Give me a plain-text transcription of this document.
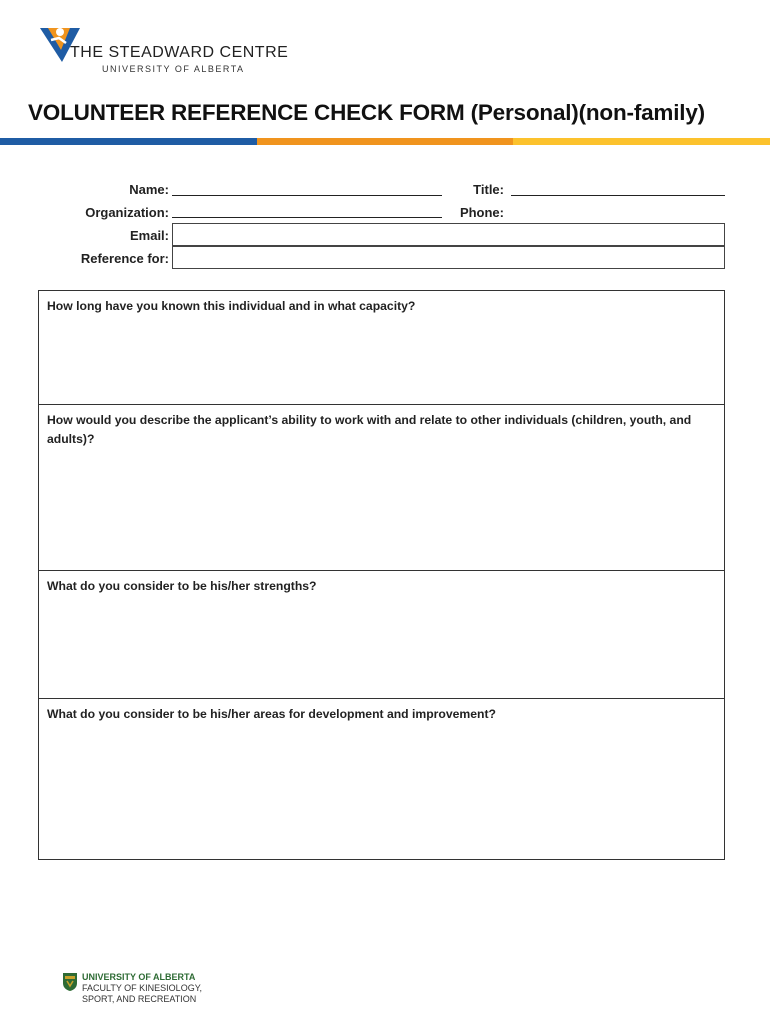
THE STEADWARD CENTRE
UNIVERSITY OF ALBERTA
VOLUNTEER REFERENCE CHECK FORM (Personal)(non-family)
Name:	Title:
Organization:	Phone:
Email:
Reference for:
How long have you known this individual and in what capacity?
How would you describe the applicant’s ability to work with and relate to other individuals (children, youth, and adults)?
What do you consider to be his/her strengths?
What do you consider to be his/her areas for development and improvement?
UNIVERSITY OF ALBERTA
FACULTY OF KINESIOLOGY,
SPORT, AND RECREATION
